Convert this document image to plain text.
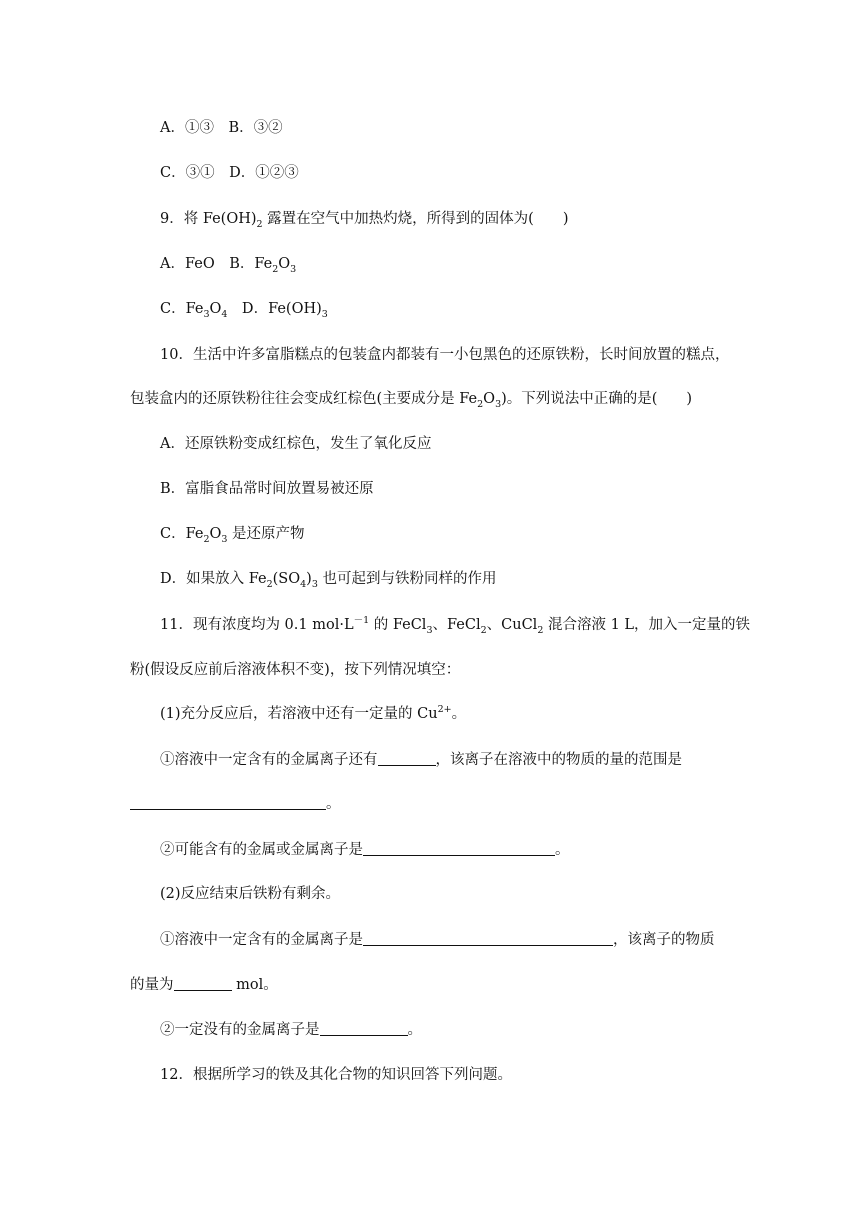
A．①③　B．③②
C．③①　D．①②③
9．将 $Fe(OH)_2$ 露置在空气中加热灼烧，所得到的固体为(　　)
A．FeO　B．$Fe_2O_3$
C．$Fe_3O_4$　D．$Fe(OH)_3$
10．生活中许多富脂糕点的包装盒内都装有一小包黑色的还原铁粉，长时间放置的糕点，
包装盒内的还原铁粉往往会变成红棕色(主要成分是 $Fe_2O_3$)。下列说法中正确的是(　　)
A．还原铁粉变成红棕色，发生了氧化反应
B．富脂食品常时间放置易被还原
C．$Fe_2O_3$ 是还原产物
D．如果放入 $Fe_2(SO_4)_3$ 也可起到与铁粉同样的作用
11．现有浓度均为 0.1 $mol\cdot L^{-1}$ 的 FeCl$_3$、FeCl$_2$、CuCl$_2$ 混合溶液 1 L，加入一定量的铁
粉(假设反应前后溶液体积不变)，按下列情况填空：
(1)充分反应后，若溶液中还有一定量的 $Cu^{2+}$。
①溶液中一定含有的金属离子还有	，该离子在溶液中的物质的量的范围是
。
②可能含有的金属或金属离子是	。
(2)反应结束后铁粉有剩余。
①溶液中一定含有的金属离子是	，该离子的物质
的量为	mol。
②一定没有的金属离子是	。
12．根据所学习的铁及其化合物的知识回答下列问题。
